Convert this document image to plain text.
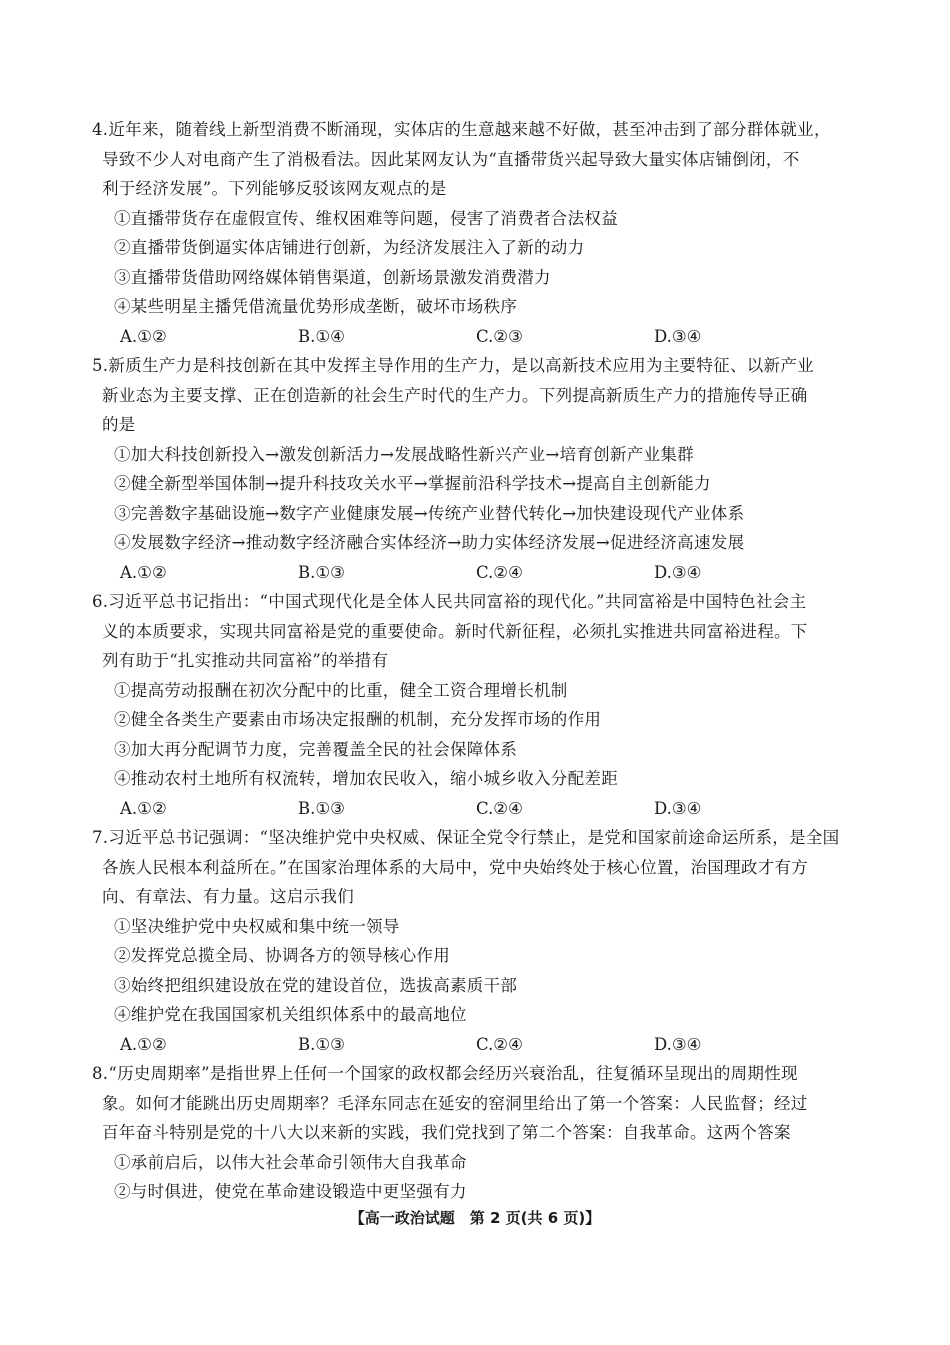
4.近年来，随着线上新型消费不断涌现，实体店的生意越来越不好做，甚至冲击到了部分群体就业，
导致不少人对电商产生了消极看法。因此某网友认为“直播带货兴起导致大量实体店铺倒闭，不
利于经济发展”。下列能够反驳该网友观点的是
①直播带货存在虚假宣传、维权困难等问题，侵害了消费者合法权益
②直播带货倒逼实体店铺进行创新，为经济发展注入了新的动力
③直播带货借助网络媒体销售渠道，创新场景激发消费潜力
④某些明星主播凭借流量优势形成垄断，破坏市场秩序
A.①②	B.①④	C.②③	D.③④
5.新质生产力是科技创新在其中发挥主导作用的生产力，是以高新技术应用为主要特征、以新产业
新业态为主要支撑、正在创造新的社会生产时代的生产力。下列提高新质生产力的措施传导正确
的是
①加大科技创新投入→激发创新活力→发展战略性新兴产业→培育创新产业集群
②健全新型举国体制→提升科技攻关水平→掌握前沿科学技术→提高自主创新能力
③完善数字基础设施→数字产业健康发展→传统产业替代转化→加快建设现代产业体系
④发展数字经济→推动数字经济融合实体经济→助力实体经济发展→促进经济高速发展
A.①②	B.①③	C.②④	D.③④
6.习近平总书记指出：“中国式现代化是全体人民共同富裕的现代化。”共同富裕是中国特色社会主
义的本质要求，实现共同富裕是党的重要使命。新时代新征程，必须扎实推进共同富裕进程。下
列有助于“扎实推动共同富裕”的举措有
①提高劳动报酬在初次分配中的比重，健全工资合理增长机制
②健全各类生产要素由市场决定报酬的机制，充分发挥市场的作用
③加大再分配调节力度，完善覆盖全民的社会保障体系
④推动农村土地所有权流转，增加农民收入，缩小城乡收入分配差距
A.①②	B.①③	C.②④	D.③④
7.习近平总书记强调：“坚决维护党中央权威、保证全党令行禁止，是党和国家前途命运所系，是全国
各族人民根本利益所在。”在国家治理体系的大局中，党中央始终处于核心位置，治国理政才有方
向、有章法、有力量。这启示我们
①坚决维护党中央权威和集中统一领导
②发挥党总揽全局、协调各方的领导核心作用
③始终把组织建设放在党的建设首位，选拔高素质干部
④维护党在我国国家机关组织体系中的最高地位
A.①②	B.①③	C.②④	D.③④
8.“历史周期率”是指世界上任何一个国家的政权都会经历兴衰治乱，往复循环呈现出的周期性现
象。如何才能跳出历史周期率？毛泽东同志在延安的窑洞里给出了第一个答案：人民监督；经过
百年奋斗特别是党的十八大以来新的实践，我们党找到了第二个答案：自我革命。这两个答案
①承前启后，以伟大社会革命引领伟大自我革命
②与时俱进，使党在革命建设锻造中更坚强有力
【高一政治试题　第 2 页(共 6 页)】
